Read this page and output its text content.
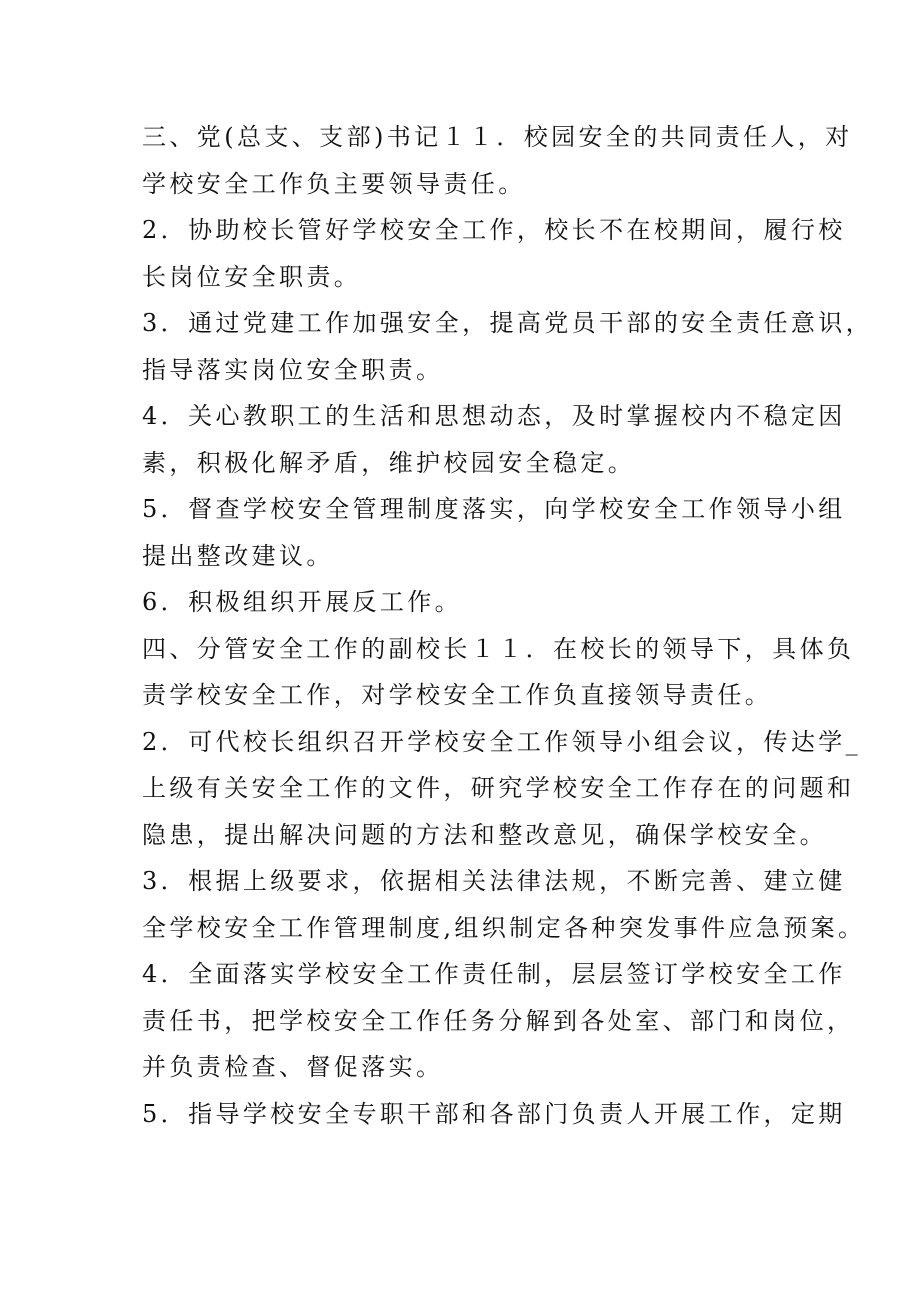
三、党(总支、支部)书记１１．校园安全的共同责任人，对
学校安全工作负主要领导责任。

2．协助校长管好学校安全工作，校长不在校期间，履行校
长岗位安全职责。

3．通过党建工作加强安全，提高党员干部的安全责任意识，
指导落实岗位安全职责。

4．关心教职工的生活和思想动态，及时掌握校内不稳定因
素，积极化解矛盾，维护校园安全稳定。

5．督查学校安全管理制度落实，向学校安全工作领导小组
提出整改建议。

6．积极组织开展反工作。

四、分管安全工作的副校长１１．在校长的领导下，具体负
责学校安全工作，对学校安全工作负直接领导责任。

2．可代校长组织召开学校安全工作领导小组会议，传达学_
上级有关安全工作的文件，研究学校安全工作存在的问题和
隐患，提出解决问题的方法和整改意见，确保学校安全。

3．根据上级要求，依据相关法律法规，不断完善、建立健
全学校安全工作管理制度,组织制定各种突发事件应急预案。

4．全面落实学校安全工作责任制，层层签订学校安全工作
责任书，把学校安全工作任务分解到各处室、部门和岗位，
并负责检查、督促落实。

5．指导学校安全专职干部和各部门负责人开展工作，定期
